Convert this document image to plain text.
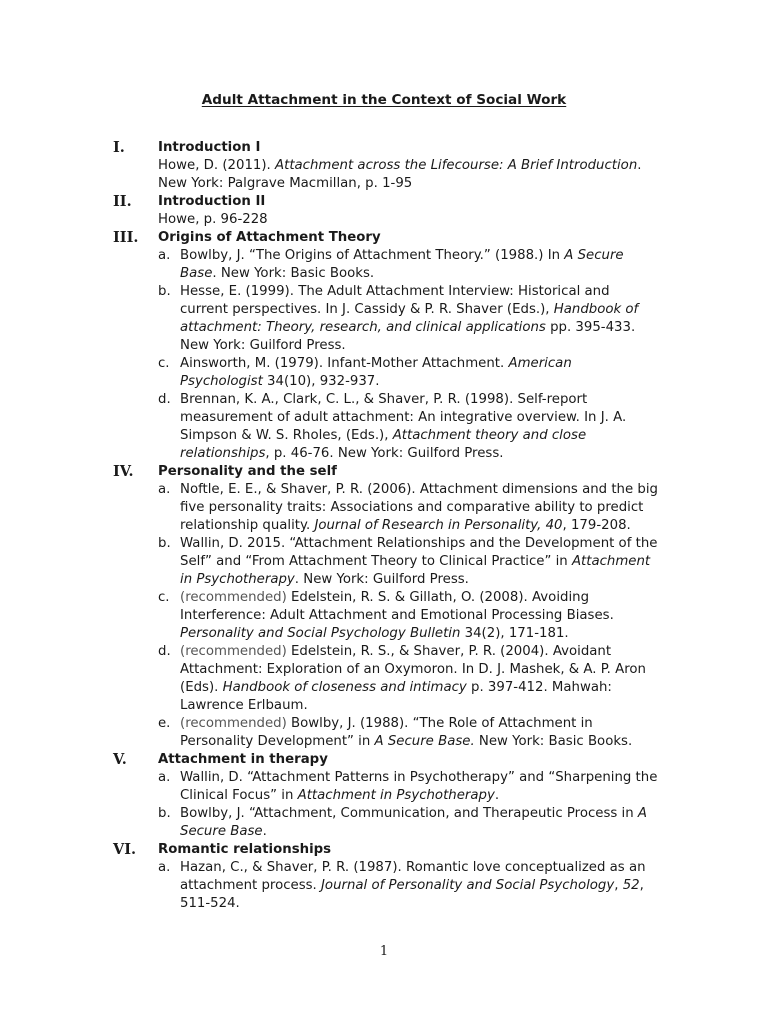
Adult Attachment in the Context of Social Work
I. Introduction I
Howe, D. (2011). Attachment across the Lifecourse: A Brief Introduction.
New York: Palgrave Macmillan, p. 1-95
II. Introduction II
Howe, p. 96-228
III. Origins of Attachment Theory
a. Bowlby, J. “The Origins of Attachment Theory.” (1988.) In A Secure
Base. New York: Basic Books.
b. Hesse, E. (1999). The Adult Attachment Interview: Historical and
current perspectives. In J. Cassidy & P. R. Shaver (Eds.), Handbook of
attachment: Theory, research, and clinical applications pp. 395-433.
New York: Guilford Press.
c. Ainsworth, M. (1979). Infant-Mother Attachment. American
Psychologist 34(10), 932-937.
d. Brennan, K. A., Clark, C. L., & Shaver, P. R. (1998). Self-report
measurement of adult attachment: An integrative overview. In J. A.
Simpson & W. S. Rholes, (Eds.), Attachment theory and close
relationships, p. 46-76. New York: Guilford Press.
IV. Personality and the self
a. Noftle, E. E., & Shaver, P. R. (2006). Attachment dimensions and the big
five personality traits: Associations and comparative ability to predict
relationship quality. Journal of Research in Personality, 40, 179-208.
b. Wallin, D. 2015. “Attachment Relationships and the Development of the
Self” and “From Attachment Theory to Clinical Practice” in Attachment
in Psychotherapy. New York: Guilford Press.
c. (recommended) Edelstein, R. S. & Gillath, O. (2008). Avoiding
Interference: Adult Attachment and Emotional Processing Biases.
Personality and Social Psychology Bulletin 34(2), 171-181.
d. (recommended) Edelstein, R. S., & Shaver, P. R. (2004). Avoidant
Attachment: Exploration of an Oxymoron. In D. J. Mashek, & A. P. Aron
(Eds). Handbook of closeness and intimacy p. 397-412. Mahwah:
Lawrence Erlbaum.
e. (recommended) Bowlby, J. (1988). “The Role of Attachment in
Personality Development” in A Secure Base. New York: Basic Books.
V. Attachment in therapy
a. Wallin, D. “Attachment Patterns in Psychotherapy” and “Sharpening the
Clinical Focus” in Attachment in Psychotherapy.
b. Bowlby, J. “Attachment, Communication, and Therapeutic Process in A
Secure Base.
VI. Romantic relationships
a. Hazan, C., & Shaver, P. R. (1987). Romantic love conceptualized as an
attachment process. Journal of Personality and Social Psychology, 52,
511-524.
1
